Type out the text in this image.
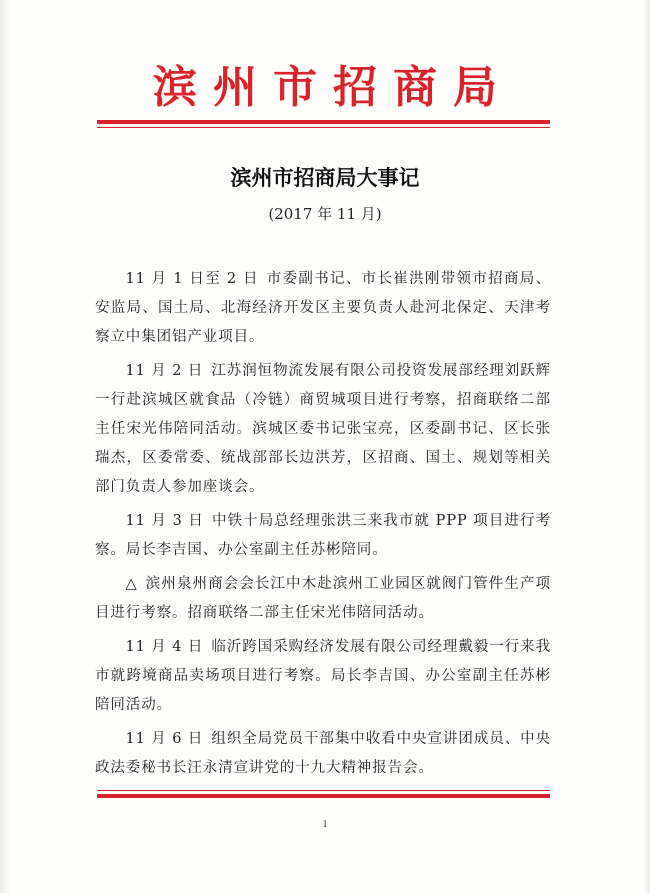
滨州市招商局
滨州市招商局大事记
(2017 年 11 月)

11 月 1 日至 2 日 市委副书记、市长崔洪刚带领市招商局、安监局、国土局、北海经济开发区主要负责人赴河北保定、天津考察立中集团铝产业项目。

11 月 2 日 江苏润恒物流发展有限公司投资发展部经理刘跃辉一行赴滨城区就食品（冷链）商贸城项目进行考察，招商联络二部主任宋光伟陪同活动。滨城区委书记张宝亮，区委副书记、区长张瑞杰，区委常委、统战部部长边洪芳，区招商、国土、规划等相关部门负责人参加座谈会。

11 月 3 日 中铁十局总经理张洪三来我市就 PPP 项目进行考察。局长李吉国、办公室副主任苏彬陪同。

△ 滨州泉州商会会长江中木赴滨州工业园区就阀门管件生产项目进行考察。招商联络二部主任宋光伟陪同活动。

11 月 4 日 临沂跨国采购经济发展有限公司经理戴毅一行来我市就跨境商品卖场项目进行考察。局长李吉国、办公室副主任苏彬陪同活动。

11 月 6 日 组织全局党员干部集中收看中央宣讲团成员、中央政法委秘书长汪永清宣讲党的十九大精神报告会。

1
